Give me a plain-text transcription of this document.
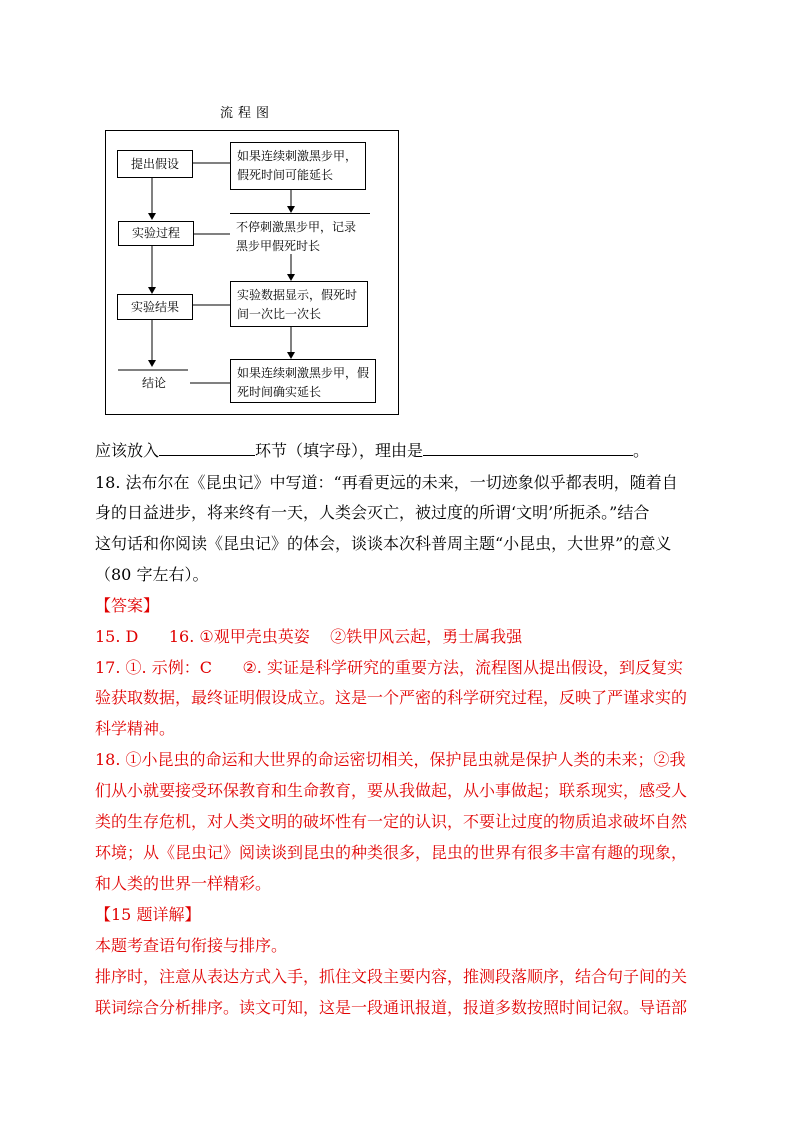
流程图
提出假设
实验过程
实验结果
结论
如果连续刺激黑步甲，
假死时间可能延长
不停刺激黑步甲，记录
黑步甲假死时长
实验数据显示，假死时
间一次比一次长
如果连续刺激黑步甲，假
死时间确实延长
应该放入	环节（填字母），理由是	。
18. 法布尔在《昆虫记》中写道：“再看更远的未来，一切迹象似乎都表明，随着自
身的日益进步，将来终有一天，人类会灭亡，被过度的所谓‘文明’所扼杀。”结合
这句话和你阅读《昆虫记》的体会，谈谈本次科普周主题“小昆虫，大世界”的意义
（80 字左右）。
【答案】
15. D      16. ①观甲壳虫英姿    ②铁甲风云起，勇士属我强
17. ①. 示例：C      ②. 实证是科学研究的重要方法，流程图从提出假设，到反复实
验获取数据，最终证明假设成立。这是一个严密的科学研究过程，反映了严谨求实的
科学精神。
18. ①小昆虫的命运和大世界的命运密切相关，保护昆虫就是保护人类的未来；②我
们从小就要接受环保教育和生命教育，要从我做起，从小事做起；联系现实，感受人
类的生存危机，对人类文明的破坏性有一定的认识，不要让过度的物质追求破坏自然
环境；从《昆虫记》阅读谈到昆虫的种类很多，昆虫的世界有很多丰富有趣的现象，
和人类的世界一样精彩。
【15 题详解】
本题考查语句衔接与排序。
排序时，注意从表达方式入手，抓住文段主要内容，推测段落顺序，结合句子间的关
联词综合分析排序。读文可知，这是一段通讯报道，报道多数按照时间记叙。导语部
